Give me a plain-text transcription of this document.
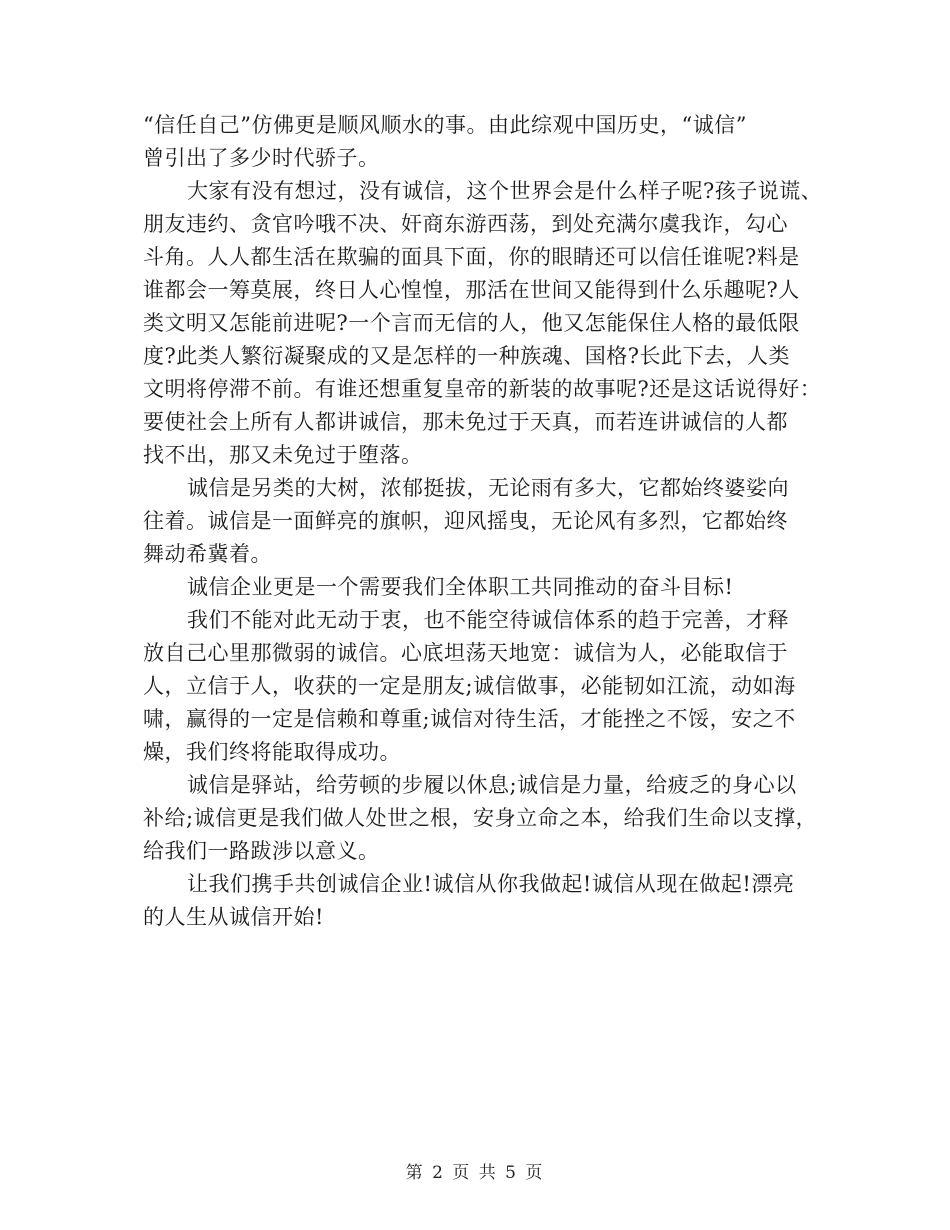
“信任自己”仿佛更是顺风顺水的事。由此综观中国历史，“诚信”
曾引出了多少时代骄子。
大家有没有想过，没有诚信，这个世界会是什么样子呢?孩子说谎、
朋友违约、贪官吟哦不决、奸商东游西荡，到处充满尔虞我诈，勾心
斗角。人人都生活在欺骗的面具下面，你的眼睛还可以信任谁呢?料是
谁都会一筹莫展，终日人心惶惶，那活在世间又能得到什么乐趣呢?人
类文明又怎能前进呢?一个言而无信的人，他又怎能保住人格的最低限
度?此类人繁衍凝聚成的又是怎样的一种族魂、国格?长此下去，人类
文明将停滞不前。有谁还想重复皇帝的新装的故事呢?还是这话说得好：
要使社会上所有人都讲诚信，那未免过于天真，而若连讲诚信的人都
找不出，那又未免过于堕落。
诚信是另类的大树，浓郁挺拔，无论雨有多大，它都始终婆娑向
往着。诚信是一面鲜亮的旗帜，迎风摇曳，无论风有多烈，它都始终
舞动希冀着。
诚信企业更是一个需要我们全体职工共同推动的奋斗目标!
我们不能对此无动于衷，也不能空待诚信体系的趋于完善，才释
放自己心里那微弱的诚信。心底坦荡天地宽：诚信为人，必能取信于
人，立信于人，收获的一定是朋友;诚信做事，必能韧如江流，动如海
啸，赢得的一定是信赖和尊重;诚信对待生活，才能挫之不馁，安之不
燥，我们终将能取得成功。
诚信是驿站，给劳顿的步履以休息;诚信是力量，给疲乏的身心以
补给;诚信更是我们做人处世之根，安身立命之本，给我们生命以支撑，
给我们一路跋涉以意义。
让我们携手共创诚信企业!诚信从你我做起!诚信从现在做起!漂亮
的人生从诚信开始!
第 2 页 共 5 页
